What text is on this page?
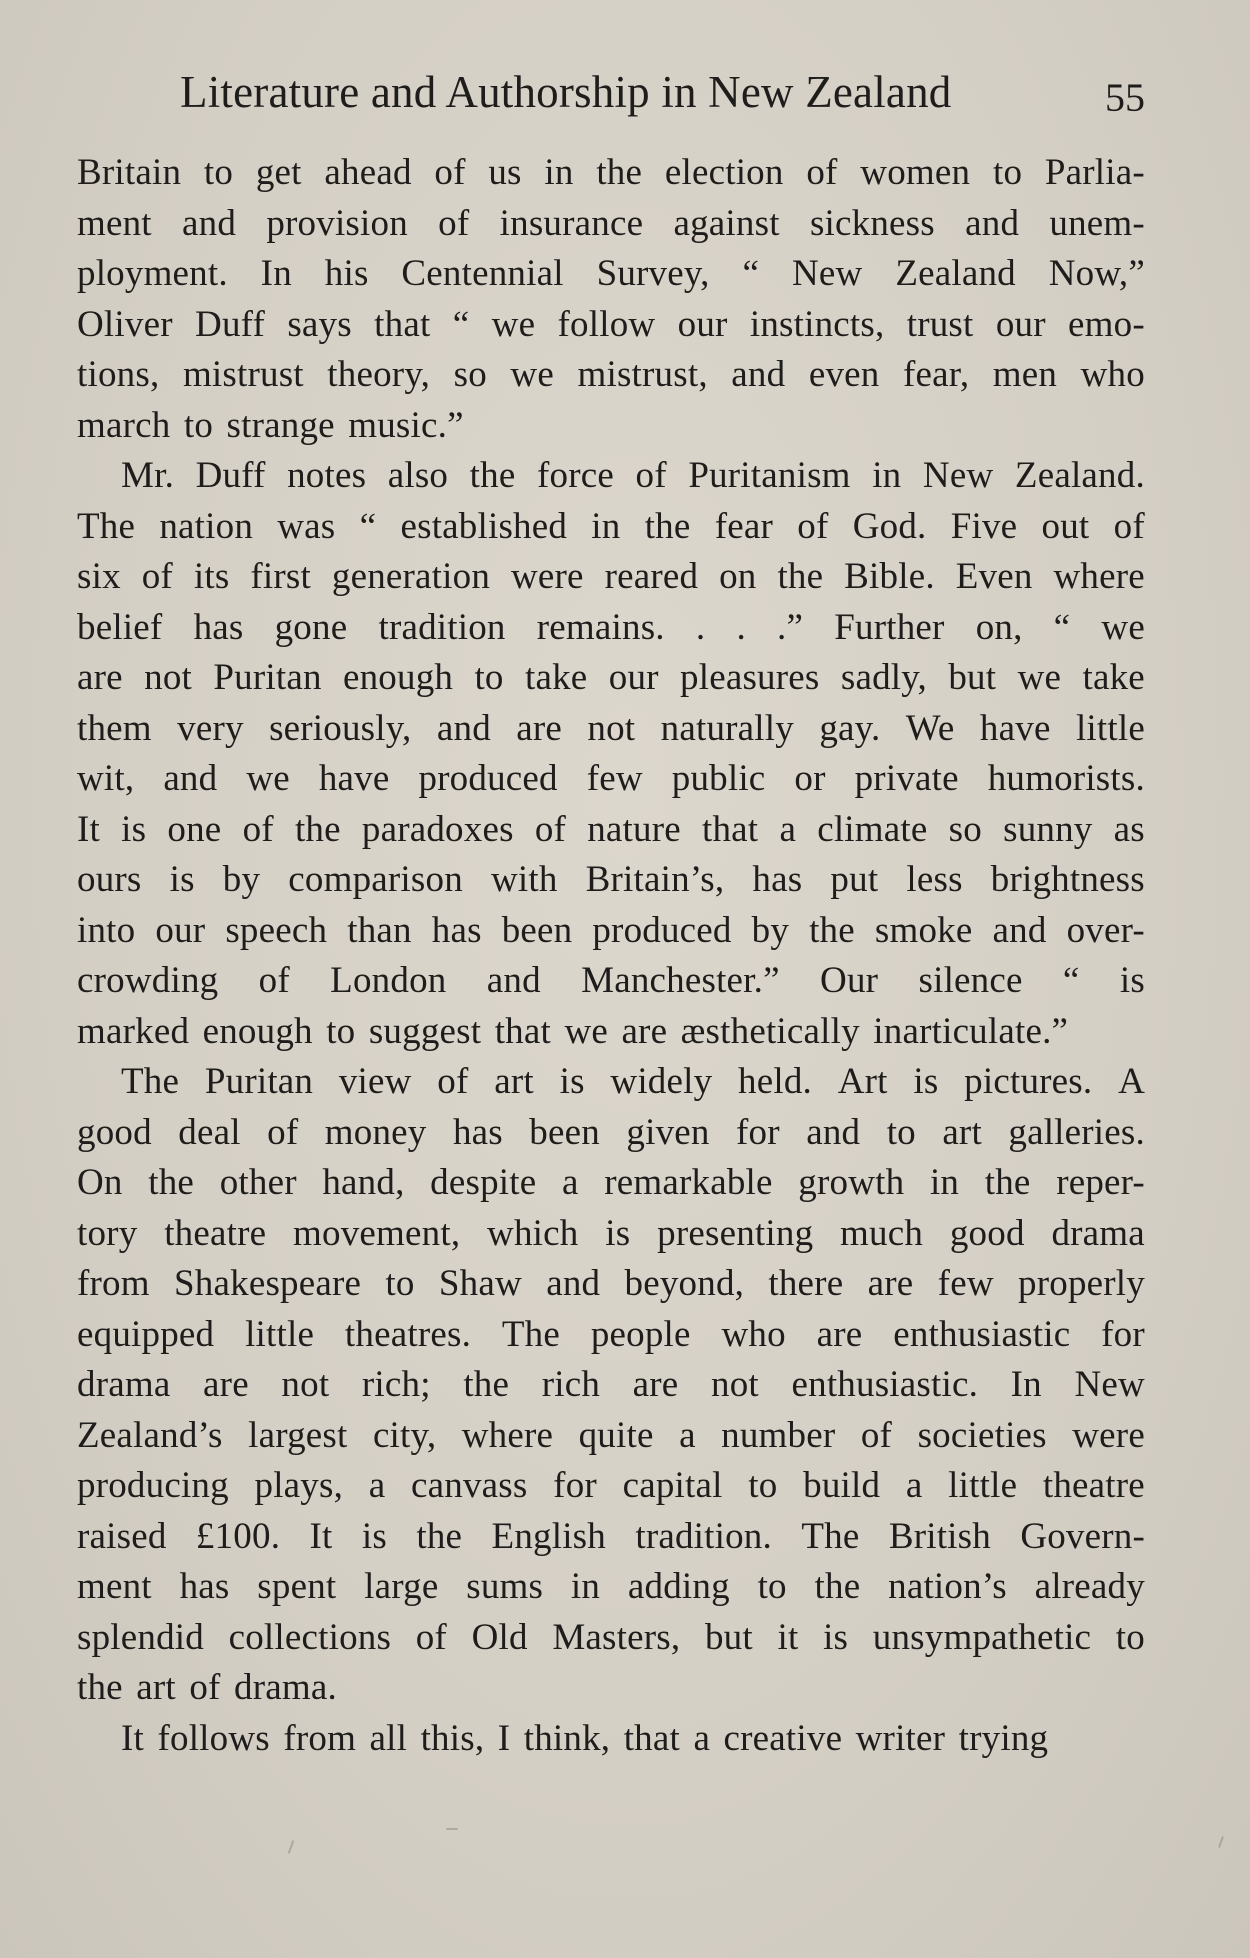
Literature and Authorship in New Zealand	55
Britain to get ahead of us in the election of women to Parlia-
ment and provision of insurance against sickness and unem-
ployment. In his Centennial Survey, “ New Zealand Now,”
Oliver Duff says that “ we follow our instincts, trust our emo-
tions, mistrust theory, so we mistrust, and even fear, men who
march
to
strange
music.”
Mr. Duff notes also the force of Puritanism in New Zealand.
The nation was “ established in the fear of God. Five out of
six of its first generation were reared on the Bible. Even where
belief has gone tradition remains. . . .” Further on, “ we
are not Puritan enough to take our pleasures sadly, but we take
them very seriously, and are not naturally gay. We have little
wit, and we have produced few public or private humorists.
It is one of the paradoxes of nature that a climate so sunny as
ours is by comparison with Britain’s, has put less brightness
into our speech than has been produced by the smoke and over-
crowding of London and Manchester.” Our silence “ is
marked
enough
to
suggest
that
we
are
æsthetically
inarticulate.”
The Puritan view of art is widely held. Art is pictures. A
good deal of money has been given for and to art galleries.
On the other hand, despite a remarkable growth in the reper-
tory theatre movement, which is presenting much good drama
from Shakespeare to Shaw and beyond, there are few properly
equipped little theatres. The people who are enthusiastic for
drama are not rich; the rich are not enthusiastic. In New
Zealand’s largest city, where quite a number of societies were
producing plays, a canvass for capital to build a little theatre
raised £100. It is the English tradition. The British Govern-
ment has spent large sums in adding to the nation’s already
splendid collections of Old Masters, but it is unsympathetic to
the
art
of
drama.
It
follows
from
all
this,
I
think,
that
a
creative
writer
trying
